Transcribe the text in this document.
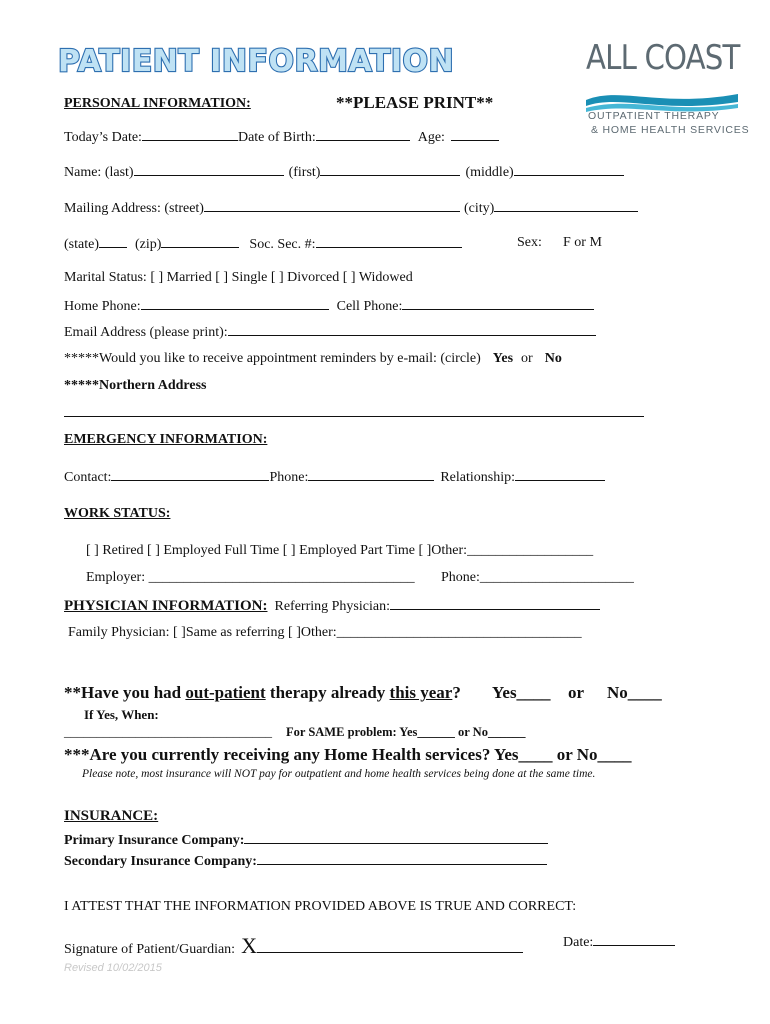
PATIENT INFORMATION	ALL COAST
OUTPATIENT THERAPY
& HOME HEALTH SERVICES
PERSONAL INFORMATION:	**PLEASE PRINT**
Today’s Date:	Date of Birth:	Age:
Name: (last)	(first)	(middle)
Mailing Address: (street)	(city)
(state)	(zip)	Soc. Sec. #:	Sex: F or M
Marital Status: [ ] Married [ ] Single [ ] Divorced [ ] Widowed
Home Phone:	Cell Phone:
Email Address (please print):
*****Would you like to receive appointment reminders by e-mail: (circle) Yes or No
*****Northern Address
EMERGENCY INFORMATION:
Contact:	Phone:	Relationship:
WORK STATUS:
[ ] Retired [ ] Employed Full Time [ ] Employed Part Time [ ]Other:__________________
Employer: ______________________________________ Phone:______________________
PHYSICIAN INFORMATION: Referring Physician:
Family Physician: [ ]Same as referring [ ]Other:___________________________________
**Have you had out-patient therapy already this year? Yes____ or No____
If Yes, When:
________________________________ For SAME problem: Yes______ or No______
***Are you currently receiving any Home Health services? Yes____ or No____
Please note, most insurance will NOT pay for outpatient and home health services being done at the same time.
INSURANCE:
Primary Insurance Company:
Secondary Insurance Company:
I ATTEST THAT THE INFORMATION PROVIDED ABOVE IS TRUE AND CORRECT:
Signature of Patient/Guardian: X	Date:
Revised 10/02/2015
